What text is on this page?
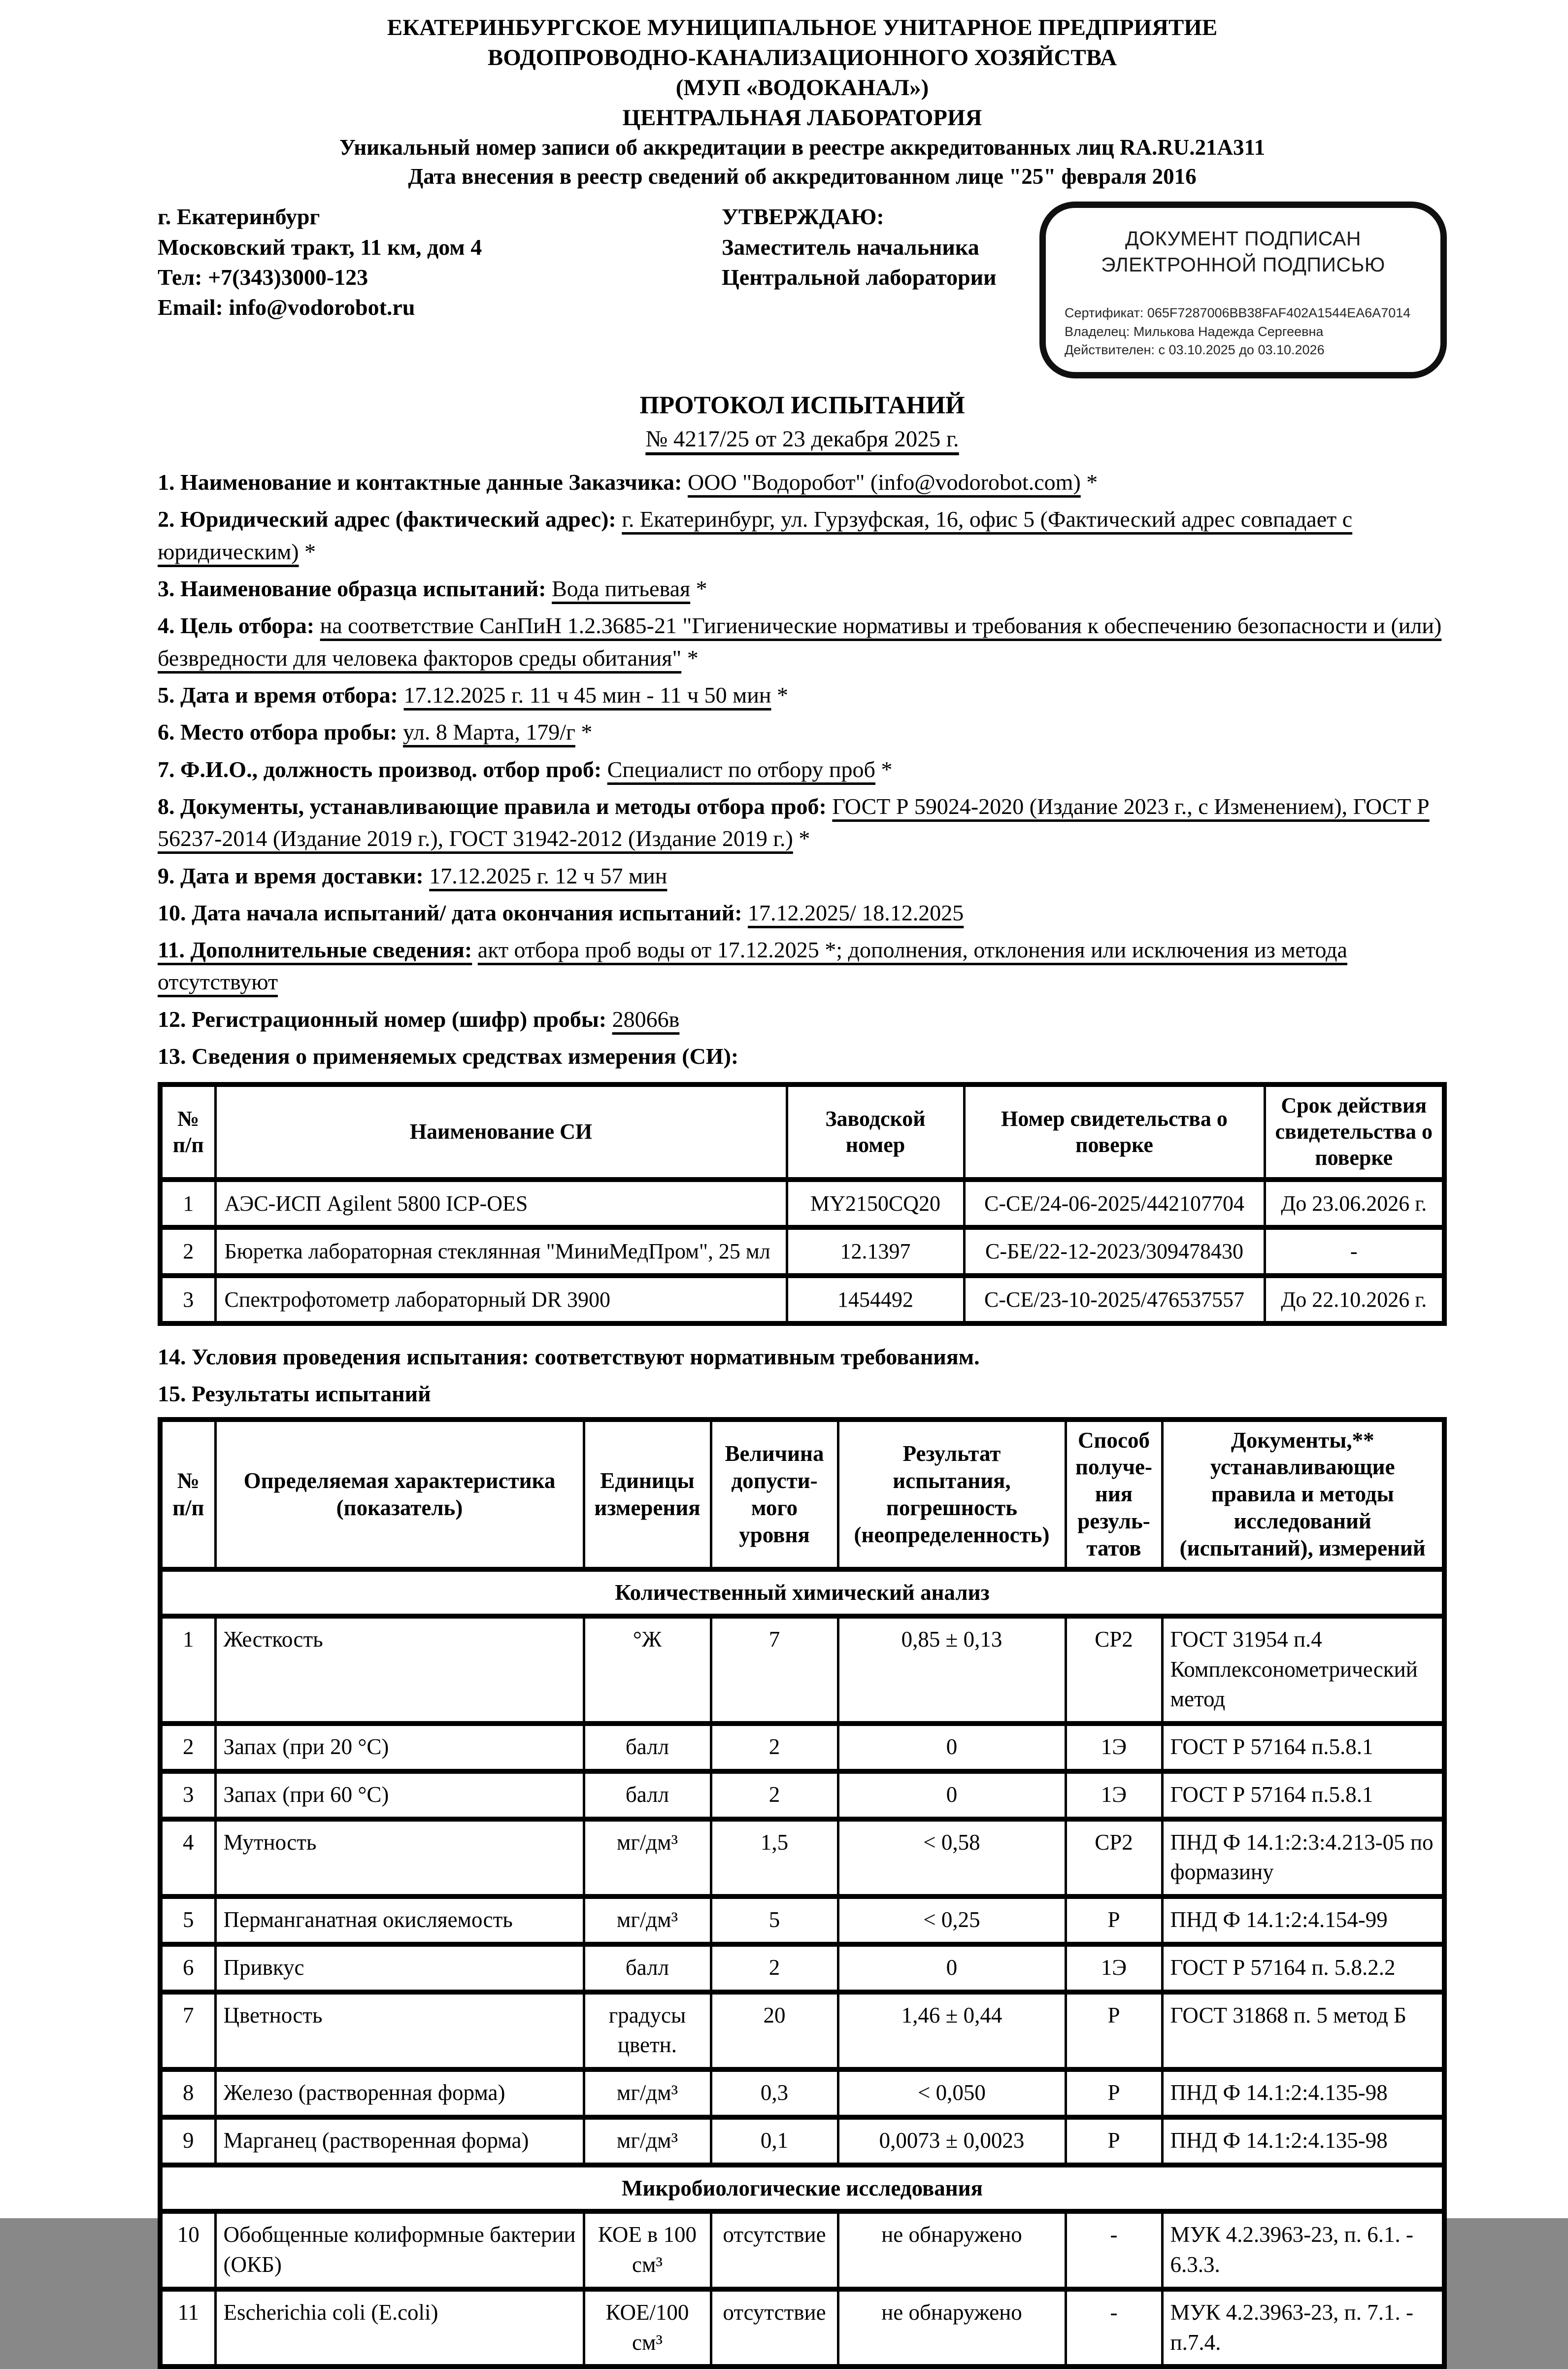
ЕКАТЕРИНБУРГСКОЕ МУНИЦИПАЛЬНОЕ УНИТАРНОЕ ПРЕДПРИЯТИЕ
ВОДОПРОВОДНО-КАНАЛИЗАЦИОННОГО ХОЗЯЙСТВА
(МУП «ВОДОКАНАЛ»)
ЦЕНТРАЛЬНАЯ ЛАБОРАТОРИЯ
Уникальный номер записи об аккредитации в реестре аккредитованных лиц RA.RU.21A311
Дата внесения в реестр сведений об аккредитованном лице "25" февраля 2016
г. Екатеринбург
Московский тракт, 11 км, дом 4
Тел: +7(343)3000-123
Email: info@vodorobot.ru
УТВЕРЖДАЮ:
Заместитель начальника
Центральной лаборатории
ДОКУМЕНТ ПОДПИСАН
ЭЛЕКТРОННОЙ ПОДПИСЬЮ
Сертификат: 065F7287006BB38FAF402A1544EA6A7014
Владелец: Милькова Надежда Сергеевна
Действителен: с 03.10.2025 до 03.10.2026
ПРОТОКОЛ ИСПЫТАНИЙ
№ 4217/25 от 23 декабря 2025 г.

1. Наименование и контактные данные Заказчика: ООО "Водоробот" (info@vodorobot.com) *

2. Юридический адрес (фактический адрес): г. Екатеринбург, ул. Гурзуфская, 16, офис 5 (Фактический адрес совпадает с юридическим) *

3. Наименование образца испытаний: Вода питьевая *

4. Цель отбора: на соответствие СанПиН 1.2.3685-21 "Гигиенические нормативы и требования к обеспечению безопасности и (или) безвредности для человека факторов среды обитания" *

5. Дата и время отбора: 17.12.2025 г. 11 ч 45 мин - 11 ч 50 мин *

6. Место отбора пробы: ул. 8 Марта, 179/г *

7. Ф.И.О., должность производ. отбор проб: Специалист по отбору проб *

8. Документы, устанавливающие правила и методы отбора проб: ГОСТ Р 59024-2020 (Издание 2023 г., с Изменением), ГОСТ Р 56237-2014 (Издание 2019 г.), ГОСТ 31942-2012 (Издание 2019 г.) *

9. Дата и время доставки: 17.12.2025 г. 12 ч 57 мин

10. Дата начала испытаний/ дата окончания испытаний: 17.12.2025/ 18.12.2025

11. Дополнительные сведения: акт отбора проб воды от 17.12.2025 *; дополнения, отклонения или исключения из метода отсутствуют

12. Регистрационный номер (шифр) пробы: 28066в

13. Сведения о применяемых средствах измерения (СИ):

№ п/п	Наименование СИ	Заводской номер	Номер свидетельства о поверке	Срок действия свидетельства о поверке
1	АЭС-ИСП Agilent 5800 ICP-OES	MY2150CQ20	С-СЕ/24-06-2025/442107704	До 23.06.2026 г.
2	Бюретка лабораторная стеклянная "МиниМедПром", 25 мл	12.1397	С-БЕ/22-12-2023/309478430	-
3	Спектрофотометр лабораторный DR 3900	1454492	С-СЕ/23-10-2025/476537557	До 22.10.2026 г.

14. Условия проведения испытания: соответствуют нормативным требованиям.

15. Результаты испытаний

№ п/п	Определяемая характеристика (показатель)	Единицы измерения	Величина допусти-мого уровня	Результат испытания, погрешность (неопределенность)	Способ получе-ния резуль-татов	Документы,** устанавливающие правила и методы исследований (испытаний), измерений
Количественный химический анализ						
1	Жесткость	°Ж	7	0,85 ± 0,13	СР2	ГОСТ 31954 п.4 Комплексонометрический метод
2	Запах (при 20 °С)	балл	2	0	1Э	ГОСТ Р 57164 п.5.8.1
3	Запах (при 60 °С)	балл	2	0	1Э	ГОСТ Р 57164 п.5.8.1
4	Мутность	мг/дм³	1,5	< 0,58	СР2	ПНД Ф 14.1:2:3:4.213-05 по формазину
5	Перманганатная окисляемость	мг/дм³	5	< 0,25	Р	ПНД Ф 14.1:2:4.154-99
6	Привкус	балл	2	0	1Э	ГОСТ Р 57164 п. 5.8.2.2
7	Цветность	градусы цветн.	20	1,46 ± 0,44	Р	ГОСТ 31868 п. 5 метод Б
8	Железо (растворенная форма)	мг/дм³	0,3	< 0,050	Р	ПНД Ф 14.1:2:4.135-98
9	Марганец (растворенная форма)	мг/дм³	0,1	0,0073 ± 0,0023	Р	ПНД Ф 14.1:2:4.135-98
Микробиологические исследования						
10	Обобщенные колиформные бактерии (ОКБ)	КОЕ в 100 см³	отсутствие	не обнаружено	-	МУК 4.2.3963-23, п. 6.1. - 6.3.3.
11	Escherichia coli (E.coli)	КОЕ/100 см³	отсутствие	не обнаружено	-	МУК 4.2.3963-23, п. 7.1. - п.7.4.
